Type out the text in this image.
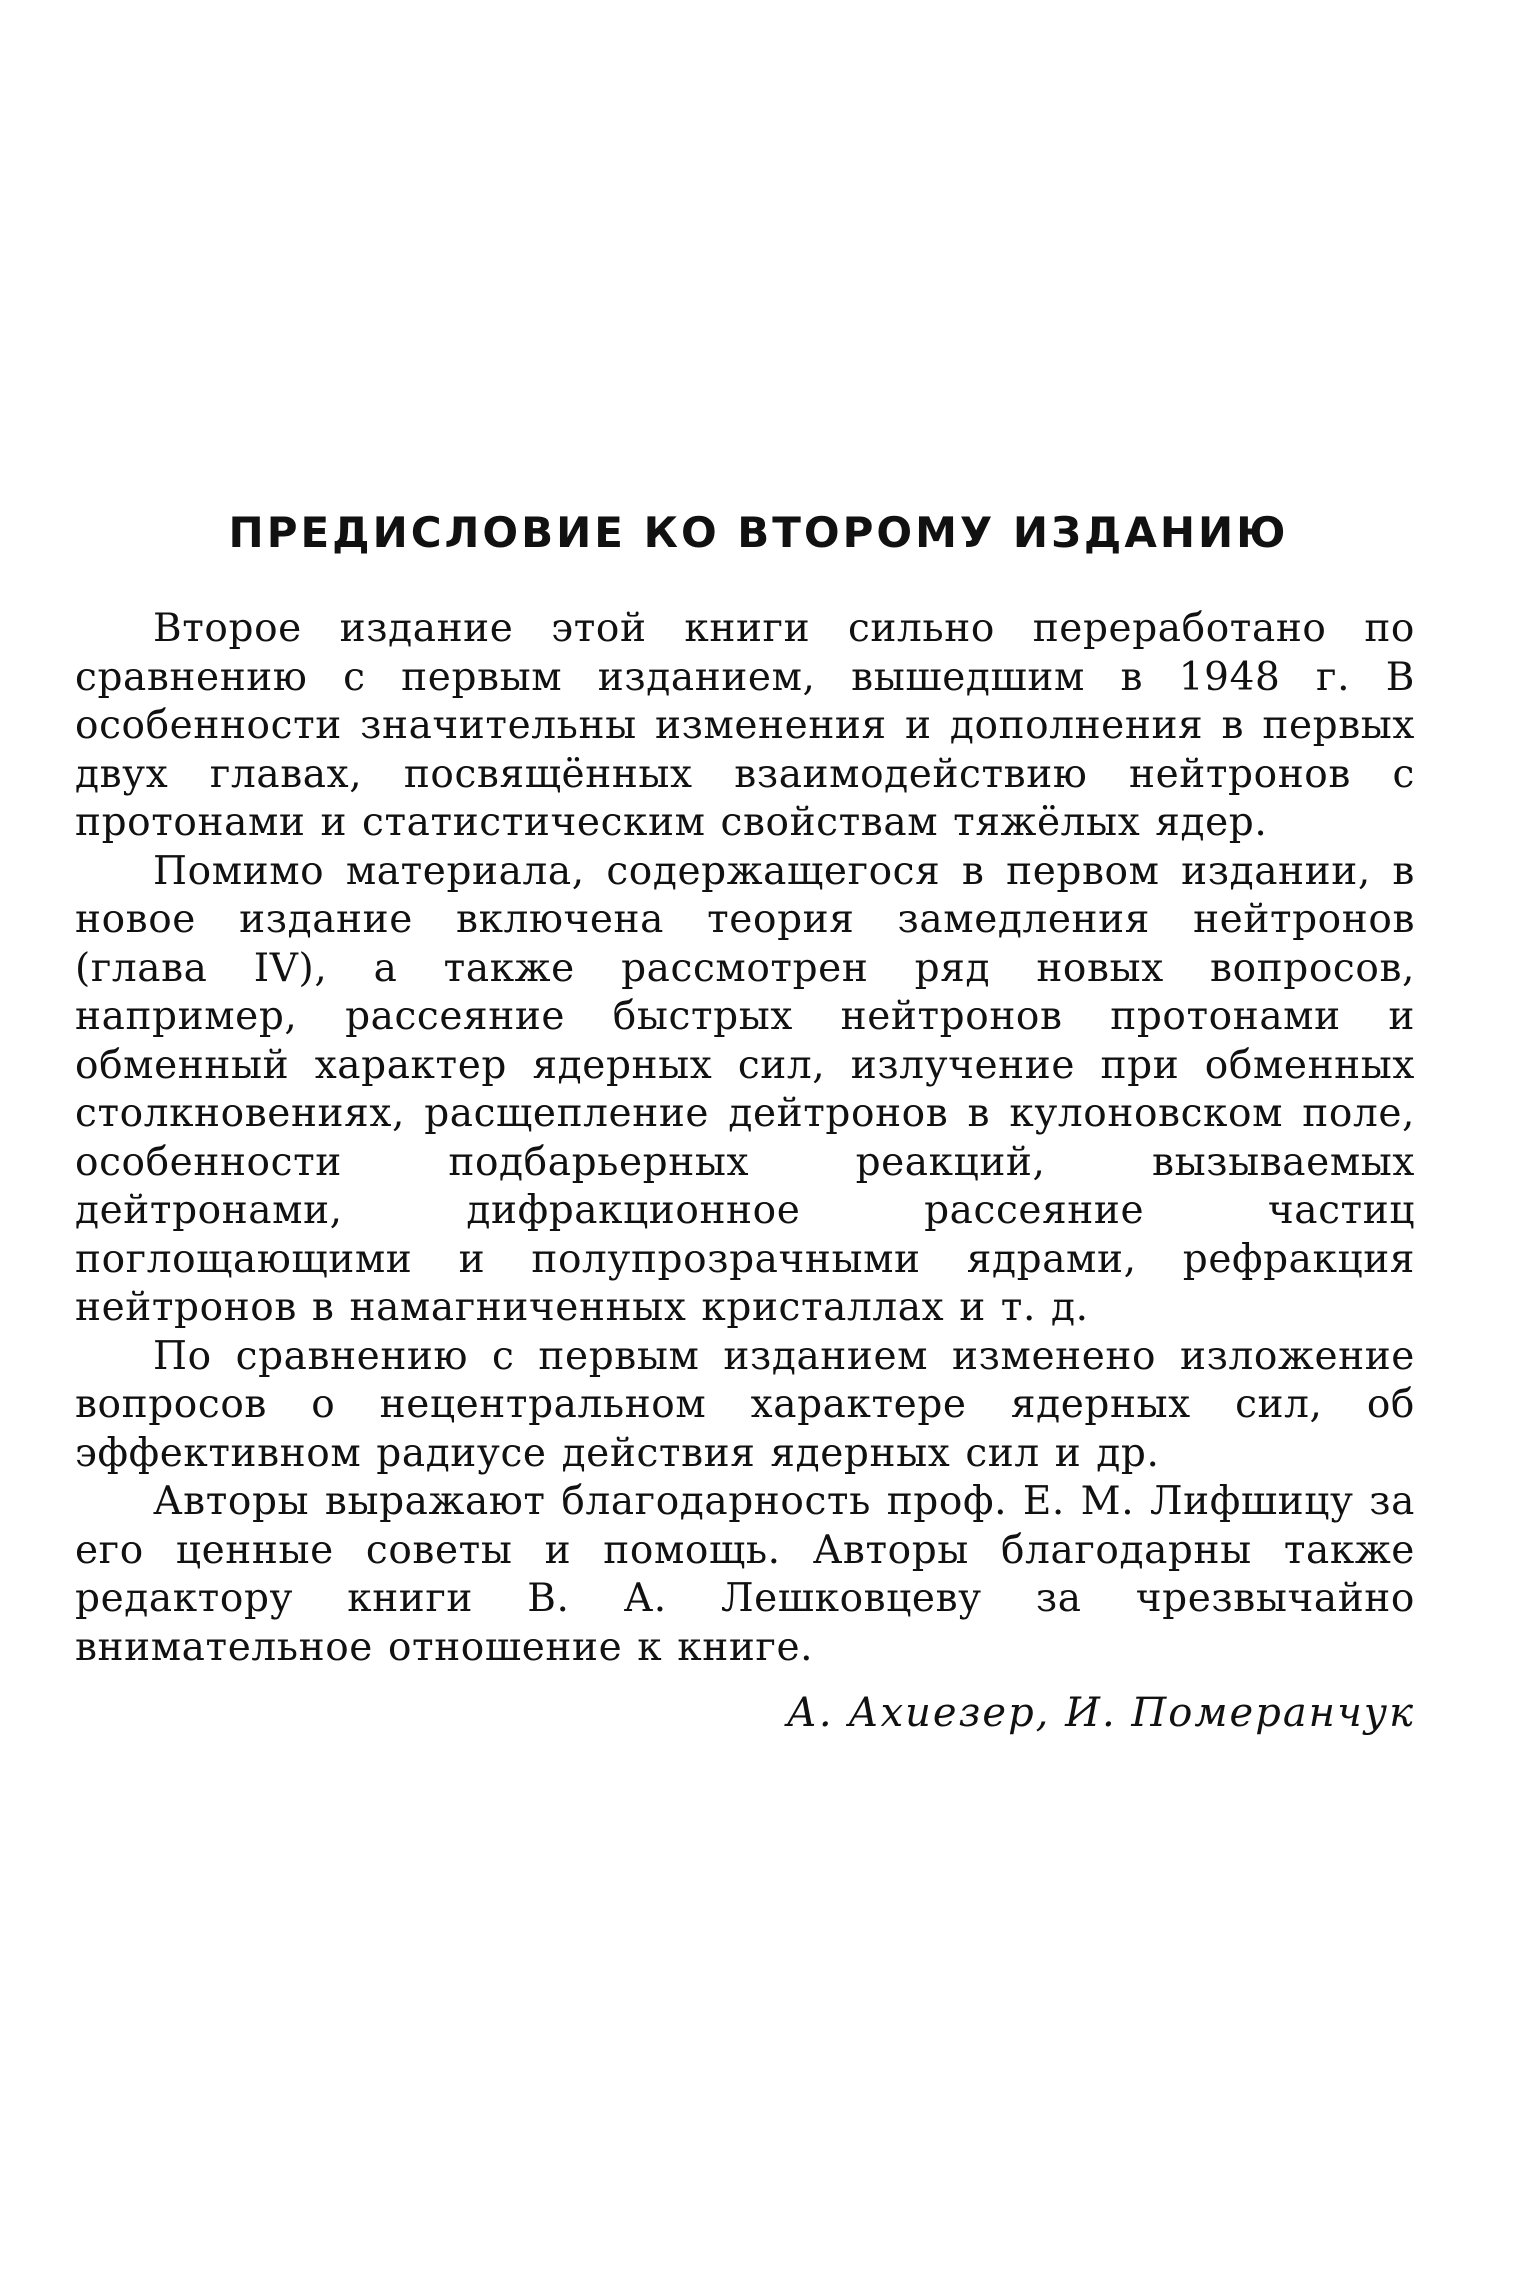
ПРЕДИСЛОВИЕ КО ВТОРОМУ ИЗДАНИЮ

Второе издание этой книги сильно переработано по сравнению с первым изданием, вышедшим в 1948 г. В особенности значительны изменения и дополнения в первых двух главах, посвящённых взаимодействию нейтронов с протонами и статистическим свойствам тяжёлых ядер.

Помимо материала, содержащегося в первом издании, в новое издание включена теория замедления нейтронов (глава IV), а также рассмотрен ряд новых вопросов, например, рассеяние быстрых нейтронов протонами и обменный характер ядерных сил, излучение при обменных столкновениях, расщепление дейтронов в кулоновском поле, особенности подбарьерных реакций, вызываемых дейтронами, дифракционное рассеяние частиц поглощающими и полупрозрачными ядрами, рефракция нейтронов в намагниченных кристаллах и т. д.

По сравнению с первым изданием изменено изложение вопросов о нецентральном характере ядерных сил, об эффективном радиусе действия ядерных сил и др.

Авторы выражают благодарность проф. Е. М. Лифшицу за его ценные советы и помощь. Авторы благодарны также редактору книги В. А. Лешковцеву за чрезвычайно внимательное отношение к книге.

А. Ахиезер, И. Померанчук
